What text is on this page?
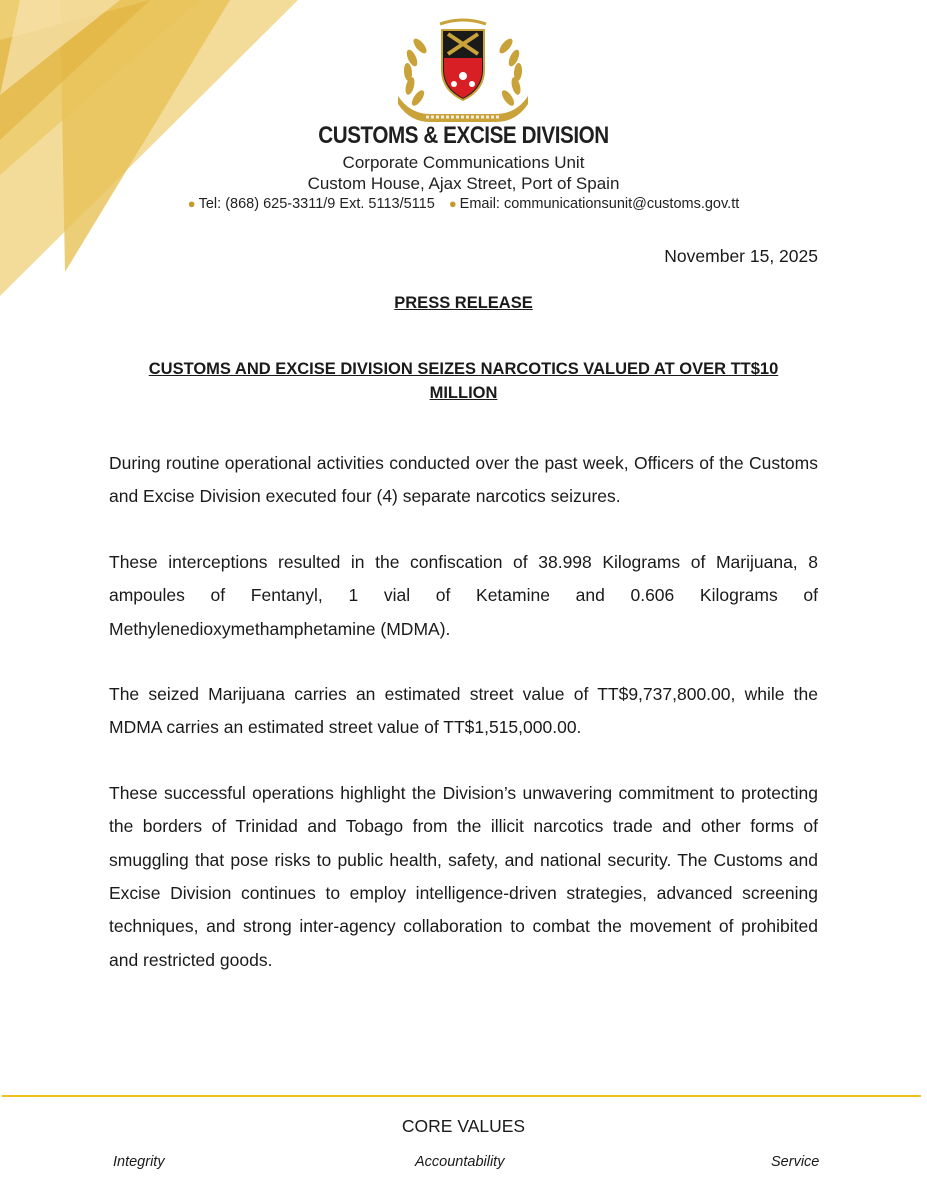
CUSTOMS & EXCISE DIVISION
Corporate Communications Unit
Custom House, Ajax Street, Port of Spain
● Tel: (868) 625-3311/9 Ext. 5113/5115 ● Email: communicationsunit@customs.gov.tt
November 15, 2025
PRESS RELEASE
CUSTOMS AND EXCISE DIVISION SEIZES NARCOTICS VALUED AT OVER TT$10 MILLION

During routine operational activities conducted over the past week, Officers of the Customs and Excise Division executed four (4) separate narcotics seizures.

These interceptions resulted in the confiscation of 38.998 Kilograms of Marijuana, 8 ampoules of Fentanyl, 1 vial of Ketamine and 0.606 Kilograms of Methylenedioxymethamphetamine (MDMA).

The seized Marijuana carries an estimated street value of TT$9,737,800.00, while the MDMA carries an estimated street value of TT$1,515,000.00.

These successful operations highlight the Division’s unwavering commitment to protecting the borders of Trinidad and Tobago from the illicit narcotics trade and other forms of smuggling that pose risks to public health, safety, and national security. The Customs and Excise Division continues to employ intelligence-driven strategies, advanced screening techniques, and strong inter-agency collaboration to combat the movement of prohibited and restricted goods.

CORE VALUES
Integrity	Accountability	Service
